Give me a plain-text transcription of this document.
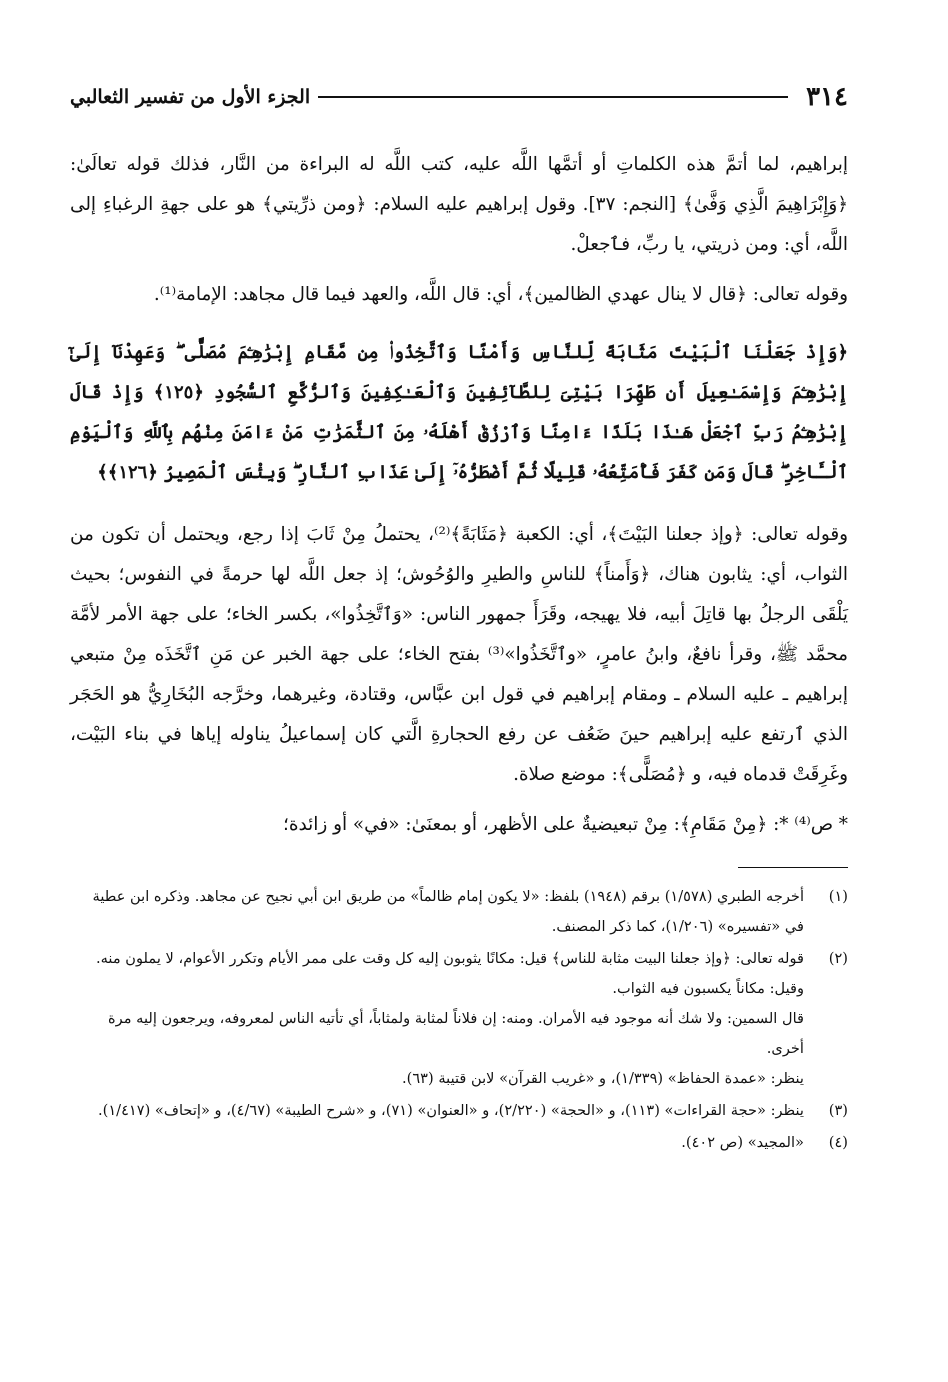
٣١٤
الجزء الأول من تفسير الثعالبي

إبراهيم، لما أتمَّ هذه الكلماتِ أو أتمَّها اللَّه عليه، كتب اللَّه له البراءة من النَّار، فذلك قوله تعالَىٰ: ﴿وَإِبْرَاهِيمَ الَّذِي وَفَّىٰ﴾ [النجم: ٣٧]. وقول إبراهيم عليه السلام: ﴿ومن ذرِّيتي﴾ هو على جهةِ الرغباءِ إلى اللَّه، أي: ومن ذريتي، يا ربِّ، فٱجعلْ.

وقوله تعالى: ﴿قال لا ينال عهدي الظالمين﴾، أي: قال اللَّه، والعهد فيما قال مجاهد: الإمامة⁽¹⁾.

﴿وَإِذْ جَعَلْنَا ٱلْبَيْتَ مَثَابَةً لِّلنَّاسِ وَأَمْنًا وَٱتَّخِذُوا۟ مِن مَّقَامِ إِبْرَٰهِـۧمَ مُصَلًّى ۖ وَعَهِدْنَآ إِلَىٰٓ إِبْرَٰهِـۧمَ وَإِسْمَـٰعِيلَ أَن طَهِّرَا بَيْتِىَ لِلطَّآئِفِينَ وَٱلْعَـٰكِفِينَ وَٱلرُّكَّعِ ٱلسُّجُودِ ﴿١٢٥﴾ وَإِذْ قَالَ إِبْرَٰهِـۧمُ رَبِّ ٱجْعَلْ هَـٰذَا بَلَدًا ءَامِنًا وَٱرْزُقْ أَهْلَهُۥ مِنَ ٱلثَّمَرَٰتِ مَنْ ءَامَنَ مِنْهُم بِٱللَّهِ وَٱلْيَوْمِ ٱلْـَٔاخِرِ ۖ قَالَ وَمَن كَفَرَ فَأُمَتِّعُهُۥ قَلِيلًا ثُمَّ أَضْطَرُّهُۥٓ إِلَىٰ عَذَابِ ٱلنَّارِ ۖ وَبِئْسَ ٱلْمَصِيرُ ﴿١٢٦﴾﴾

وقوله تعالى: ﴿وإذ جعلنا البَيْتَ﴾، أي: الكعبة ﴿مَثَابَةً﴾⁽²⁾، يحتملُ مِنْ ثَابَ إذا رجع، ويحتمل أن تكون من الثواب، أي: يثابون هناك، ﴿وَأَمناً﴾ للناسِ والطيرِ والوُحُوش؛ إذ جعل اللَّه لها حرمةً في النفوس؛ بحيث يَلْقَى الرجلُ بها قاتِلَ أبيه، فلا يهيجه، وقَرَأَ جمهور الناس: «وَٱتَّخِذُوا»، بكسر الخاء؛ على جهة الأمر لأمَّة محمَّد ﷺ، وقرأ نافعٌ، وابنُ عامرٍ، «وٱتَّخَذُوا»⁽³⁾ بفتح الخاء؛ على جهة الخبر عن مَنِ ٱتَّخَذَه مِنْ متبعي إبراهيم ـ عليه السلام ـ ومقام إبراهيم في قول ابن عبَّاس، وقتادة، وغيرهما، وخرَّجه البُخَارِيُّ هو الحَجَر الذي ٱرتفع عليه إبراهيم حينَ ضَعُف عن رفع الحجارةِ الَّتي كان إسماعيلُ يناوله إياها في بناء البَيْت، وغَرِقَتْ قدماه فيه، و ﴿مُصَلًّى﴾: موضع صلاة.

* ص⁽⁴⁾ *: ﴿مِنْ مَقَامِ﴾: مِنْ تبعيضيةٌ على الأظهر، أو بمعنَىٰ: «في» أو زائدة؛

(١)

أخرجه الطبري (١/٥٧٨) برقم (١٩٤٨) بلفظ: «لا يكون إمام ظالماً» من طريق ابن أبي نجيح عن مجاهد. وذكره ابن عطية في «تفسيره» (١/٢٠٦)، كما ذكر المصنف.

(٢)

قوله تعالى: ﴿وإذ جعلنا البيت مثابة للناس﴾ قيل: مكانًا يثوبون إليه كل وقت على ممر الأيام وتكرر الأعوام، لا يملون منه. وقيل: مكاناً يكسبون فيه الثواب.

قال السمين: ولا شك أنه موجود فيه الأمران. ومنه: إن فلاناً لمثابة ولمثاباً، أي تأتيه الناس لمعروفه، ويرجعون إليه مرة أخرى.

ينظر: «عمدة الحفاظ» (١/٣٣٩)، و «غريب القرآن» لابن قتيبة (٦٣).

(٣)

ينظر: «حجة القراءات» (١١٣)، و «الحجة» (٢/٢٢٠)، و «العنوان» (٧١)، و «شرح الطيبة» (٤/٦٧)، و «إتحاف» (١/٤١٧).

(٤)

«المجيد» (ص ٤٠٢).
